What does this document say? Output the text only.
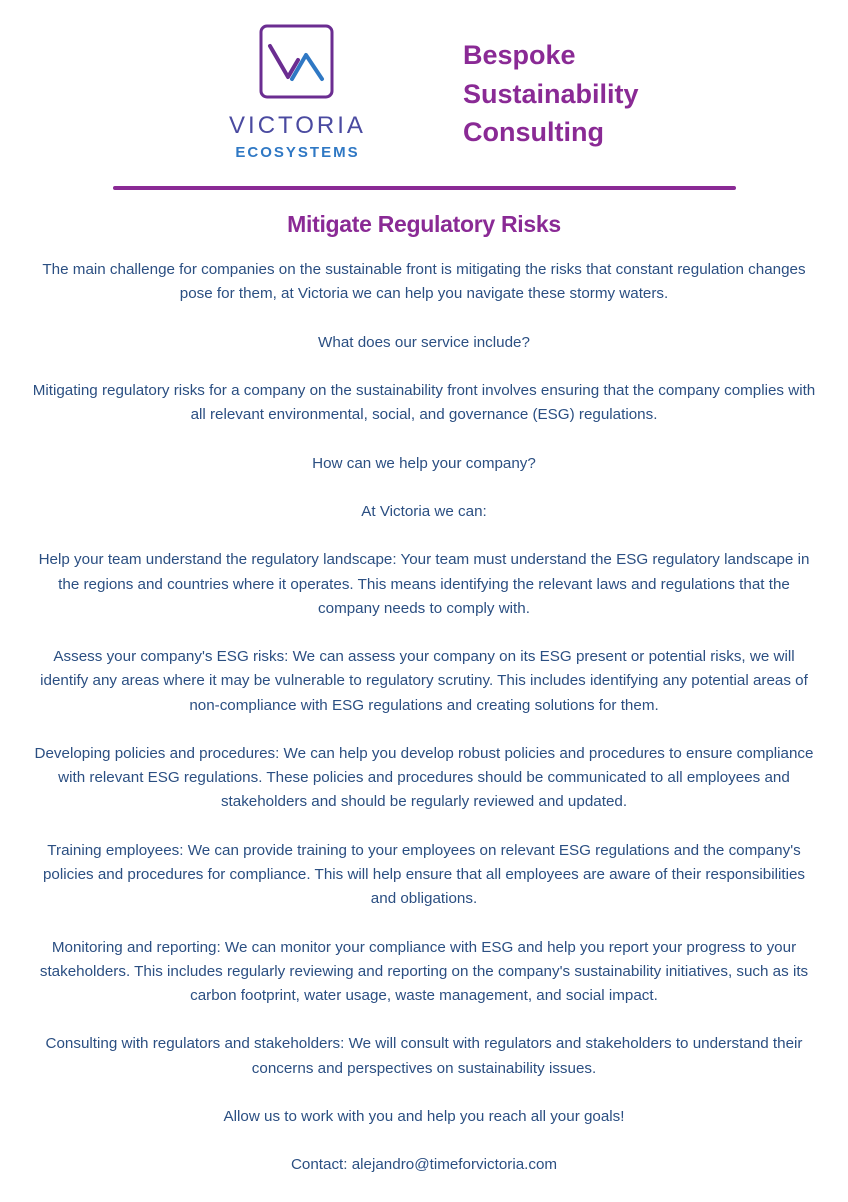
VICTORIA
ECOSYSTEMS
Bespoke
Sustainability
Consulting
Mitigate Regulatory Risks

The main challenge for companies on the sustainable front is mitigating the risks that constant regulation changes pose for them, at Victoria we can help you navigate these stormy waters.

What does our service include?

Mitigating regulatory risks for a company on the sustainability front involves ensuring that the company complies with all relevant environmental, social, and governance (ESG) regulations.

How can we help your company?

At Victoria we can:

Help your team understand the regulatory landscape: Your team must understand the ESG regulatory landscape in the regions and countries where it operates. This means identifying the relevant laws and regulations that the company needs to comply with.

Assess your company's ESG risks: We can assess your company on its ESG present or potential risks, we will identify any areas where it may be vulnerable to regulatory scrutiny. This includes identifying any potential areas of non-compliance with ESG regulations and creating solutions for them.

Developing policies and procedures: We can help you develop robust policies and procedures to ensure compliance with relevant ESG regulations. These policies and procedures should be communicated to all employees and stakeholders and should be regularly reviewed and updated.

Training employees: We can provide training to your employees on relevant ESG regulations and the company's policies and procedures for compliance. This will help ensure that all employees are aware of their responsibilities and obligations.

Monitoring and reporting: We can monitor your compliance with ESG and help you report your progress to your stakeholders. This includes regularly reviewing and reporting on the company's sustainability initiatives, such as its carbon footprint, water usage, waste management, and social impact.

Consulting with regulators and stakeholders: We will consult with regulators and stakeholders to understand their concerns and perspectives on sustainability issues.

Allow us to work with you and help you reach all your goals!

Contact: alejandro@timeforvictoria.com
